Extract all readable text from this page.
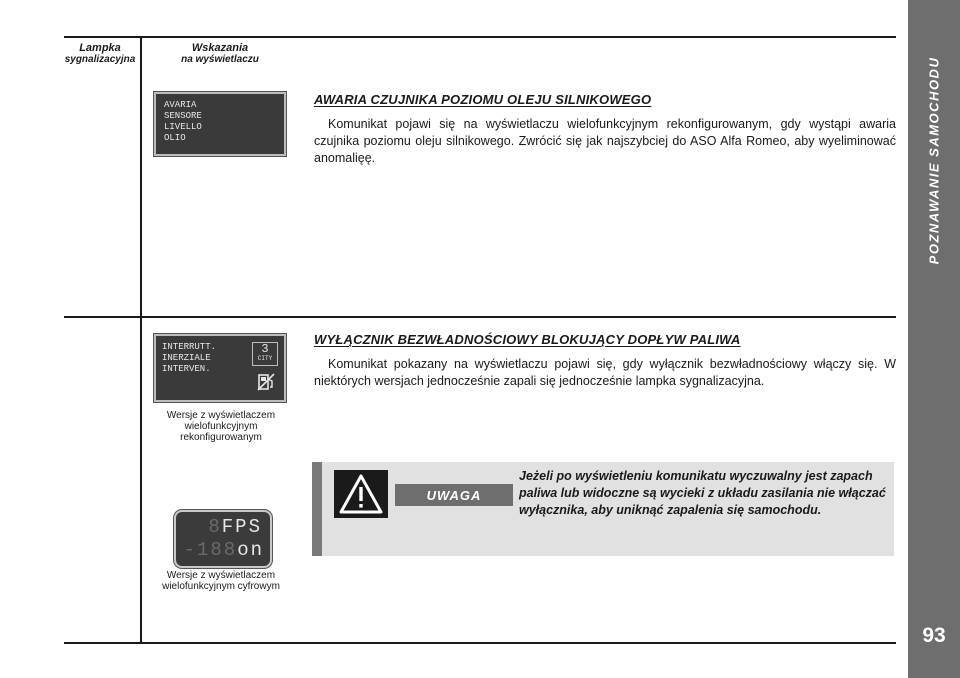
POZNAWANIE SAMOCHODU
93
Lampka
sygnalizacyjna
Wskazania
na wyświetlaczu
AVARIA
SENSORE
LIVELLO
OLIO
AWARIA CZUJNIKA POZIOMU OLEJU SILNIKOWEGO
Komunikat pojawi się na wyświetlaczu wielofunkcyjnym rekonfigurowanym, gdy wystąpi awaria czujnika poziomu oleju silnikowego. Zwrócić się jak najszybciej do ASO Alfa Romeo, aby wyeliminować anomalięę.
INTERRUTT.
INERZIALE
INTERVEN.
3
CITY
Wersje z wyświetlaczem wielofunkcyjnym rekonfigurowanym
WYŁĄCZNIK BEZWŁADNOŚCIOWY BLOKUJĄCY DOPŁYW PALIWA
Komunikat pokazany na wyświetlaczu pojawi się, gdy wyłącznik bezwładnościowy włączy się. W niektórych wersjach jednocześnie zapali się jednocześnie lampka sygnalizacyjna.
UWAGA
Jeżeli po wyświetleniu komunikatu wyczuwalny jest zapach paliwa lub widoczne są wycieki z układu zasilania nie włączać wyłącznika, aby uniknąć zapalenia się samochodu.
8FPS
-188on
Wersje z wyświetlaczem wielofunkcyjnym cyfrowym
